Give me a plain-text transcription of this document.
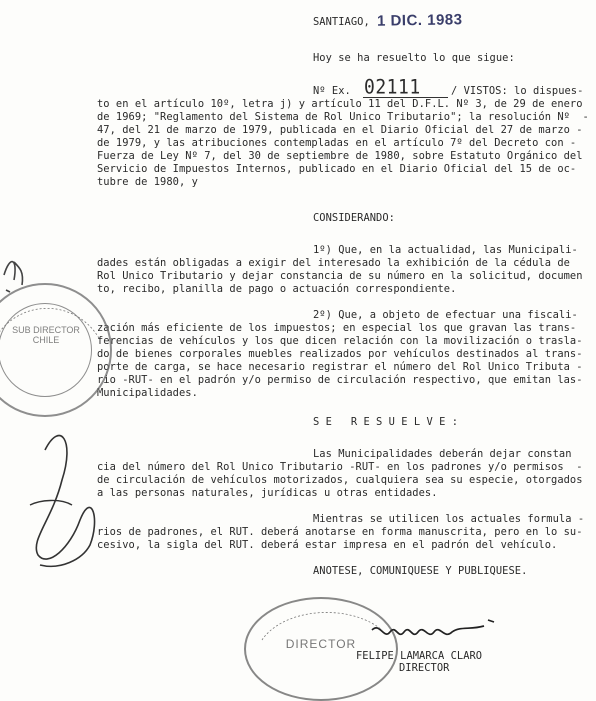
SANTIAGO, 1 DIC. 1983
Hoy se ha resuelto lo que sigue:
Nº Ex. 02111	/ VISTOS: lo dispues-
to en el artículo 10º, letra j) y artículo 11 del D.F.L. Nº 3, de 29 de enero
de 1969; "Reglamento del Sistema de Rol Unico Tributario"; la resolución Nº  -
47, del 21 de marzo de 1979, publicada en el Diario Oficial del 27 de marzo -
de 1979, y las atribuciones contempladas en el artículo 7º del Decreto con -
Fuerza de Ley Nº 7, del 30 de septiembre de 1980, sobre Estatuto Orgánico del
Servicio de Impuestos Internos, publicado en el Diario Oficial del 15 de oc-
tubre de 1980, y
CONSIDERANDO:
1º) Que, en la actualidad, las Municipali-
dades están obligadas a exigir del interesado la exhibición de la cédula de
Rol Unico Tributario y dejar constancia de su número en la solicitud, documen
to, recibo, planilla de pago o actuación correspondiente.
2º) Que, a objeto de efectuar una fiscali-
zación más eficiente de los impuestos; en especial los que gravan las trans-
ferencias de vehículos y los que dicen relación con la movilización o trasla-
do de bienes corporales muebles realizados por vehículos destinados al trans-
porte de carga, se hace necesario registrar el número del Rol Unico Tributa -
rio -RUT- en el padrón y/o permiso de circulación respectivo, que emitan las-
Municipalidades.
S E   R E S U E L V E :
Las Municipalidades deberán dejar constan
cia del número del Rol Unico Tributario -RUT- en los padrones y/o permisos  -
de circulación de vehículos motorizados, cualquiera sea su especie, otorgados
a las personas naturales, jurídicas u otras entidades.
Mientras se utilicen los actuales formula -
rios de padrones, el RUT. deberá anotarse en forma manuscrita, pero en lo su-
cesivo, la sigla del RUT. deberá estar impresa en el padrón del vehículo.
ANOTESE, COMUNIQUESE Y PUBLIQUESE.
SUB DIRECTOR
CHILE
DIRECTOR
FELIPE LAMARCA CLARO
DIRECTOR
